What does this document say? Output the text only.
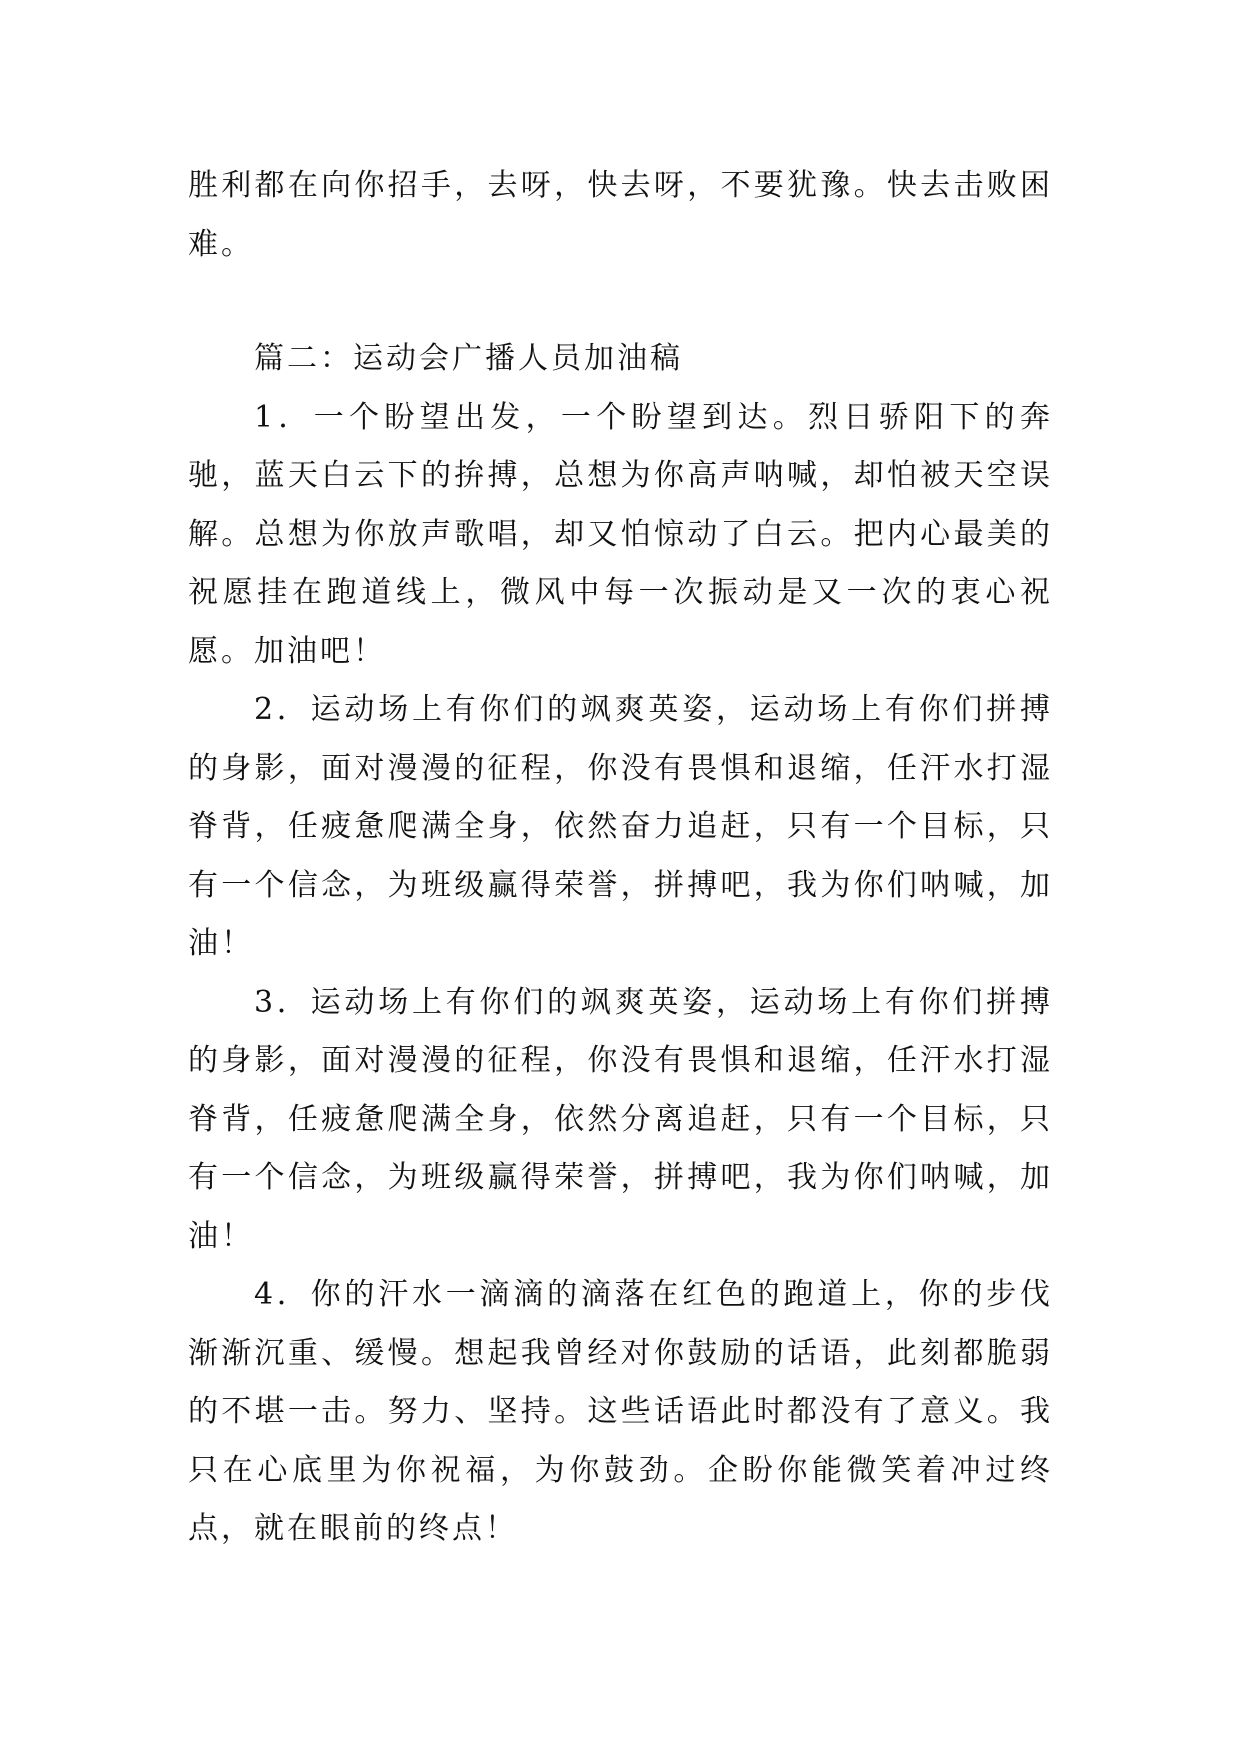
胜利都在向你招手，去呀，快去呀，不要犹豫。快去击败困难。

篇二：运动会广播人员加油稿

1．一个盼望出发，一个盼望到达。烈日骄阳下的奔驰，蓝天白云下的拚搏，总想为你高声呐喊，却怕被天空误解。总想为你放声歌唱，却又怕惊动了白云。把内心最美的祝愿挂在跑道线上，微风中每一次振动是又一次的衷心祝愿。加油吧！

2．运动场上有你们的飒爽英姿，运动场上有你们拼搏的身影，面对漫漫的征程，你没有畏惧和退缩，任汗水打湿脊背，任疲惫爬满全身，依然奋力追赶，只有一个目标，只有一个信念，为班级赢得荣誉，拼搏吧，我为你们呐喊，加油！

3．运动场上有你们的飒爽英姿，运动场上有你们拼搏的身影，面对漫漫的征程，你没有畏惧和退缩，任汗水打湿脊背，任疲惫爬满全身，依然分离追赶，只有一个目标，只有一个信念，为班级赢得荣誉，拼搏吧，我为你们呐喊，加油！

4．你的汗水一滴滴的滴落在红色的跑道上，你的步伐渐渐沉重、缓慢。想起我曾经对你鼓励的话语，此刻都脆弱的不堪一击。努力、坚持。这些话语此时都没有了意义。我只在心底里为你祝福，为你鼓劲。企盼你能微笑着冲过终点，就在眼前的终点！
